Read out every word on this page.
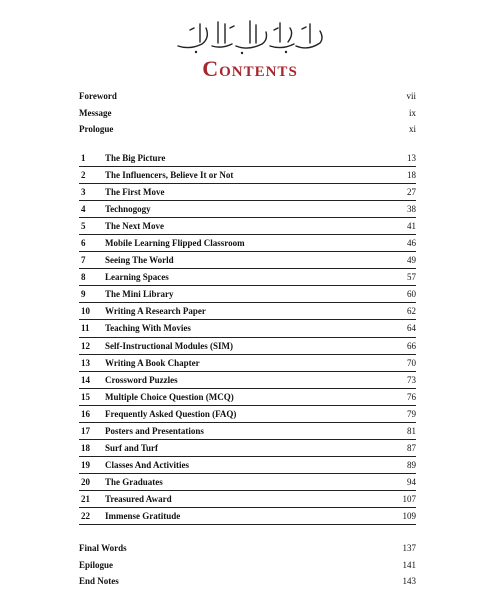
Contents
Foreword	vii
Message	ix
Prologue	xi
1	The Big Picture	13
2	The Influencers, Believe It or Not	18
3	The First Move	27
4	Technogogy	38
5	The Next Move	41
6	Mobile Learning Flipped Classroom	46
7	Seeing The World	49
8	Learning Spaces	57
9	The Mini Library	60
10	Writing A Research Paper	62
11	Teaching With Movies	64
12	Self-Instructional Modules (SIM)	66
13	Writing A Book Chapter	70
14	Crossword Puzzles	73
15	Multiple Choice Question (MCQ)	76
16	Frequently Asked Question (FAQ)	79
17	Posters and Presentations	81
18	Surf and Turf	87
19	Classes And Activities	89
20	The Graduates	94
21	Treasured Award	107
22	Immense Gratitude	109
Final Words	137
Epilogue	141
End Notes	143
